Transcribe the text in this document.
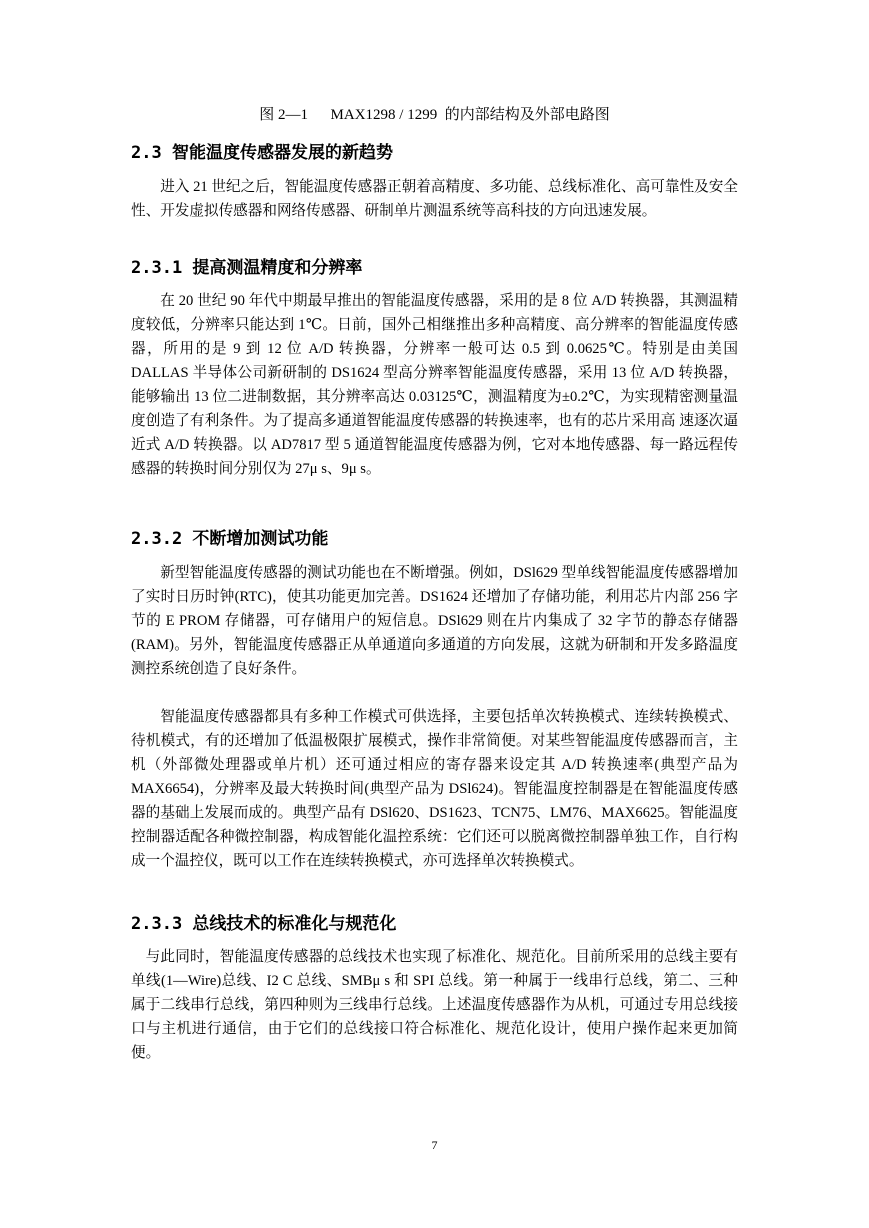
图 2—1      MAX1298 / 1299  的内部结构及外部电路图
2.3 智能温度传感器发展的新趋势

进入 21 世纪之后，智能温度传感器正朝着高精度、多功能、总线标准化、高可靠性及安全性、开发虚拟传感器和网络传感器、研制单片测温系统等高科技的方向迅速发展。

2.3.1 提高测温精度和分辨率

在 20 世纪 90 年代中期最早推出的智能温度传感器，采用的是 8 位 A/D 转换器，其测温精度较低，分辨率只能达到 1℃。日前，国外己相继推出多种高精度、高分辨率的智能温度传感器，所用的是 9 到 12 位 A/D 转换器，分辨率一般可达 0.5 到 0.0625℃。特别是由美国 DALLAS 半导体公司新研制的 DS1624 型高分辨率智能温度传感器，采用 13 位 A/D 转换器，能够输出 13 位二进制数据，其分辨率高达 0.03125℃，测温精度为±0.2℃，为实现精密测量温度创造了有利条件。为了提高多通道智能温度传感器的转换速率，也有的芯片采用高 速逐次逼近式 A/D 转换器。以 AD7817 型 5 通道智能温度传感器为例，它对本地传感器、每一路远程传感器的转换时间分别仅为 27μ s、9μ s。

2.3.2 不断增加测试功能

新型智能温度传感器的测试功能也在不断增强。例如，DSl629 型单线智能温度传感器增加了实时日历时钟(RTC)，使其功能更加完善。DS1624 还增加了存储功能，利用芯片内部 256 字节的 E PROM 存储器，可存储用户的短信息。DSl629 则在片内集成了 32 字节的静态存储器(RAM)。另外，智能温度传感器正从单通道向多通道的方向发展，这就为研制和开发多路温度测控系统创造了良好条件。

智能温度传感器都具有多种工作模式可供选择，主要包括单次转换模式、连续转换模式、待机模式，有的还增加了低温极限扩展模式，操作非常简便。对某些智能温度传感器而言，主机（外部微处理器或单片机）还可通过相应的寄存器来设定其 A/D 转换速率(典型产品为 MAX6654)，分辨率及最大转换时间(典型产品为 DSl624)。智能温度控制器是在智能温度传感器的基础上发展而成的。典型产品有 DSl620、DS1623、TCN75、LM76、MAX6625。智能温度控制器适配各种微控制器，构成智能化温控系统：它们还可以脱离微控制器单独工作，自行构成一个温控仪，既可以工作在连续转换模式，亦可选择单次转换模式。

2.3.3 总线技术的标准化与规范化

与此同时，智能温度传感器的总线技术也实现了标准化、规范化。目前所采用的总线主要有单线(1—Wire)总线、I2 C 总线、SMBμ s 和 SPI 总线。第一种属于一线串行总线，第二、三种属于二线串行总线，第四种则为三线串行总线。上述温度传感器作为从机，可通过专用总线接口与主机进行通信，由于它们的总线接口符合标准化、规范化设计，使用户操作起来更加简便。

7
